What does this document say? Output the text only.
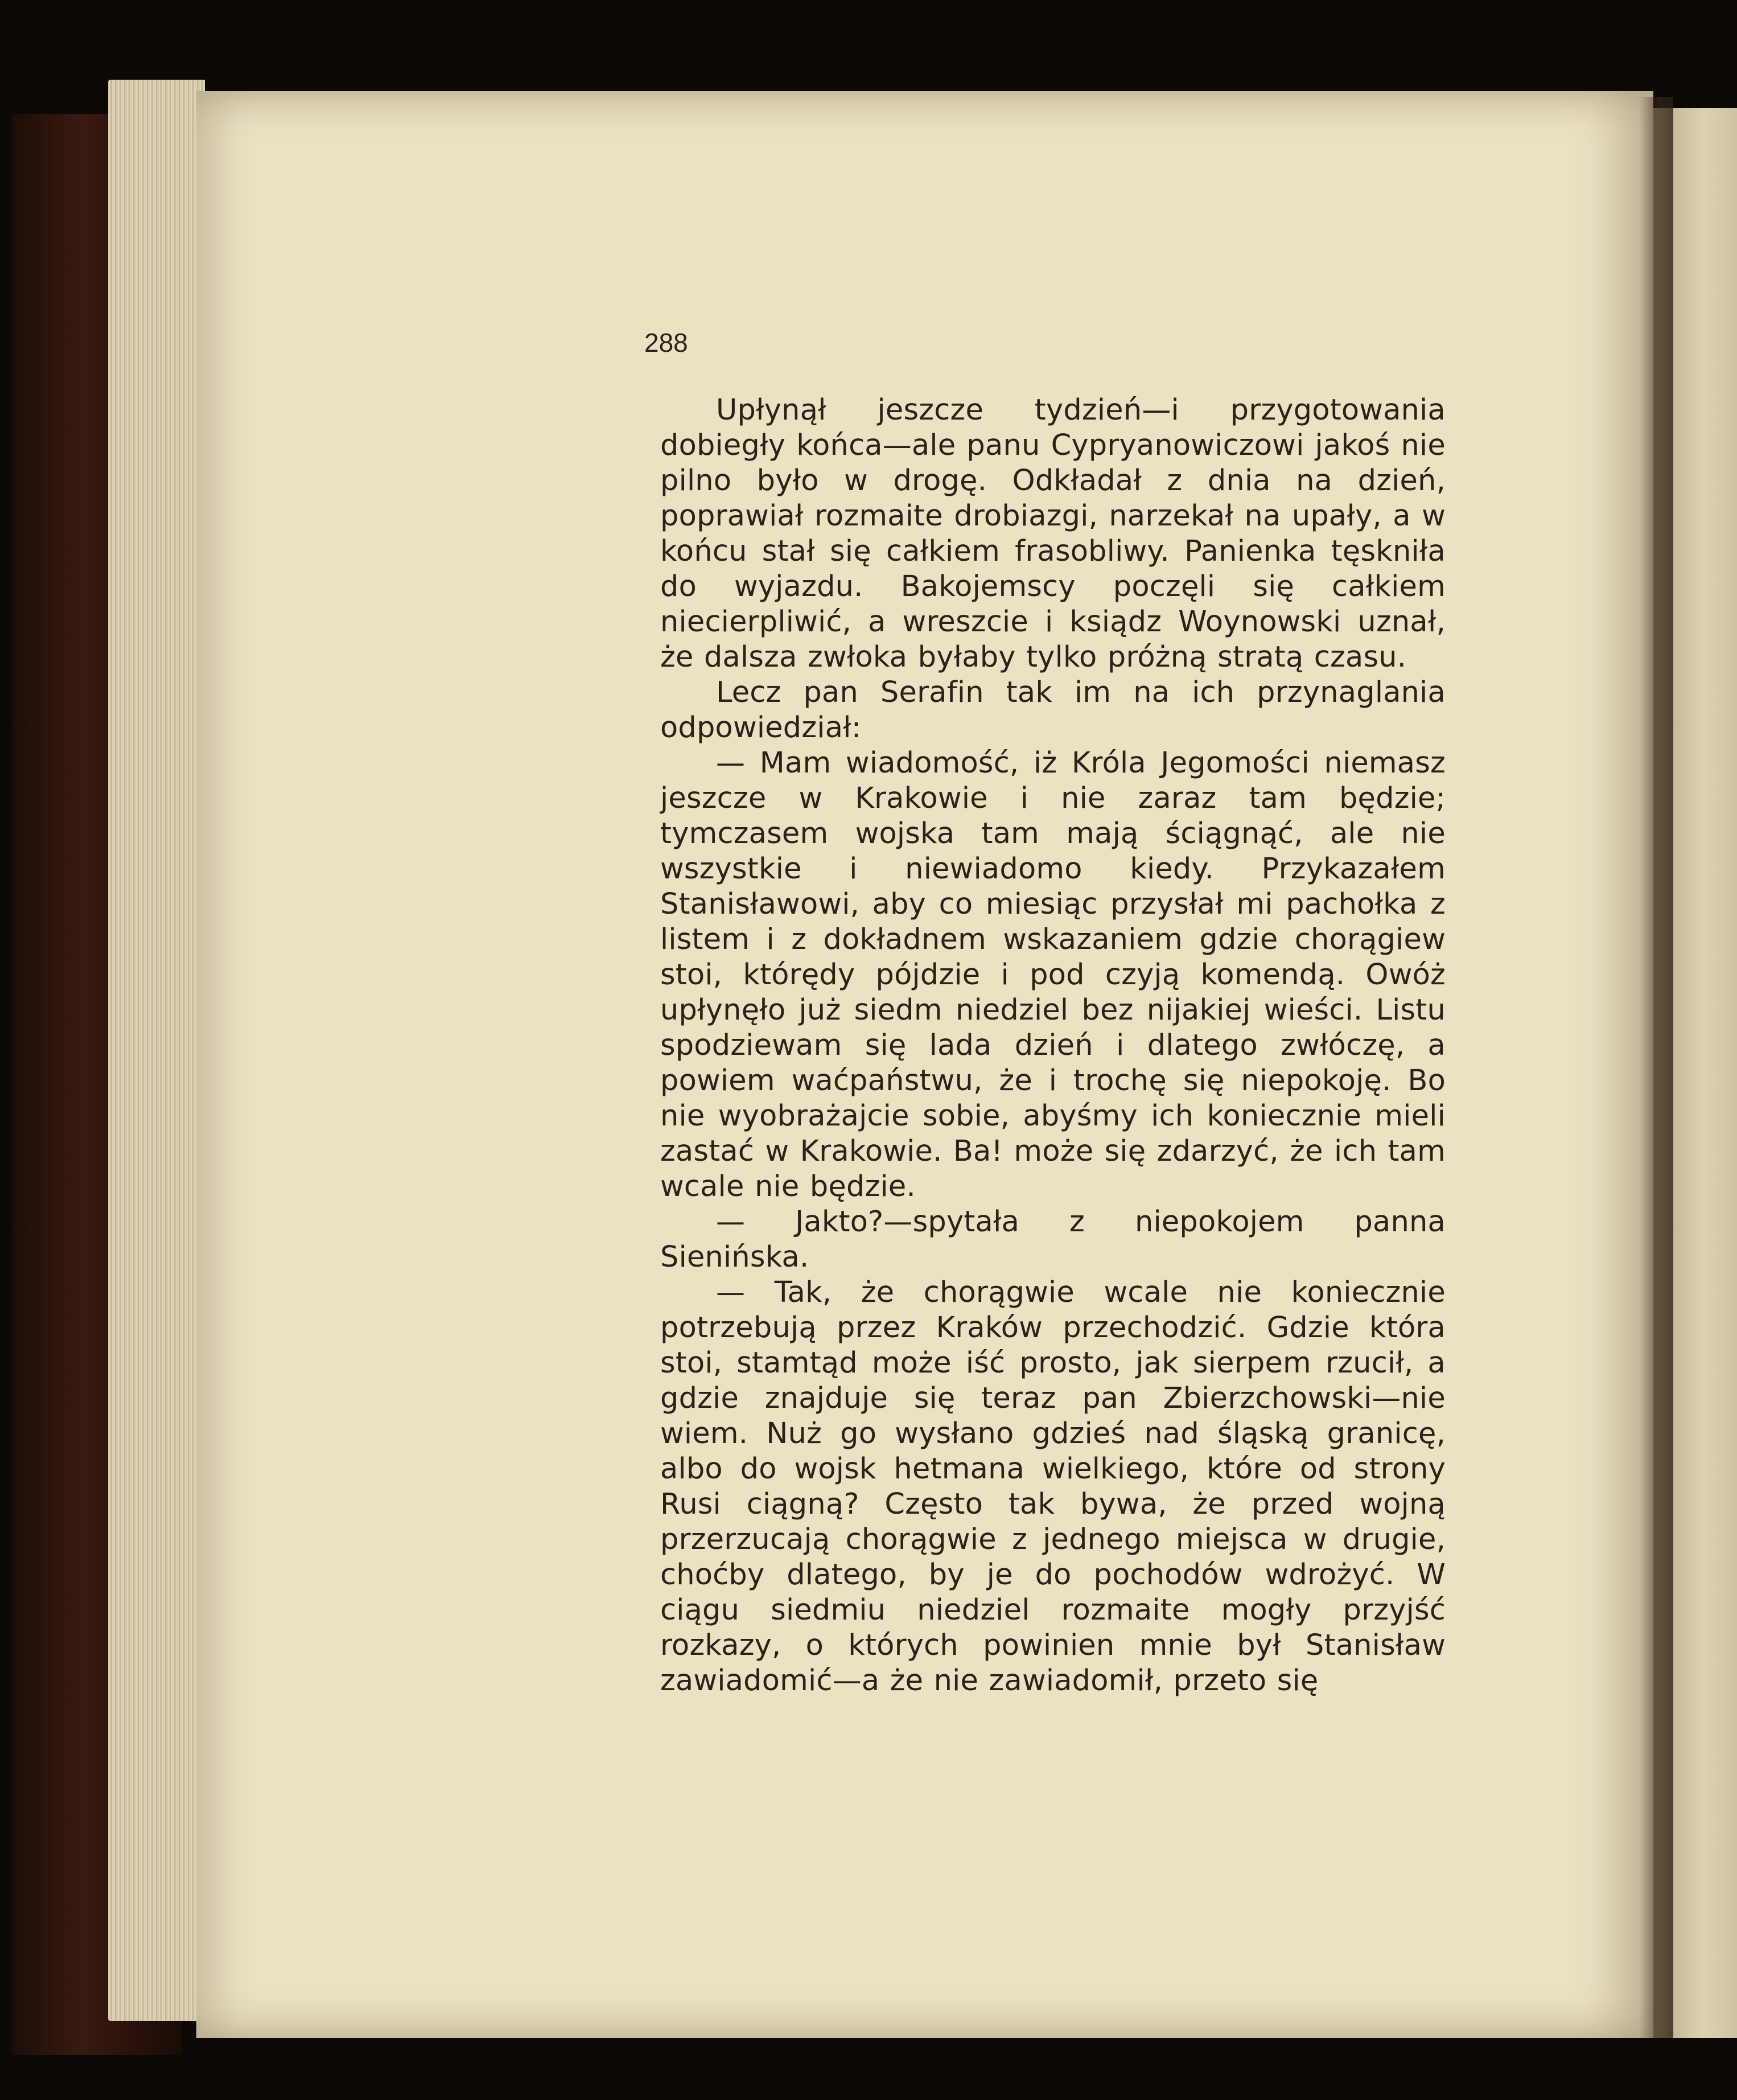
288

Upłynął jeszcze tydzień—i przygotowania dobiegły końca—ale panu Cypryanowiczowi jakoś nie pilno było w drogę. Odkładał z dnia na dzień, poprawiał rozmaite drobiazgi, narzekał na upały, a w końcu stał się całkiem frasobliwy. Panienka tęskniła do wyjazdu. Bakojemscy poczęli się całkiem niecierpliwić, a wreszcie i ksiądz Woynowski uznał, że dalsza zwłoka byłaby tylko próżną stratą czasu.

Lecz pan Serafin tak im na ich przynaglania odpowiedział:

— Mam wiadomość, iż Króla Jegomości niemasz jeszcze w Krakowie i nie zaraz tam będzie; tymczasem wojska tam mają ściągnąć, ale nie wszystkie i niewiadomo kiedy. Przykazałem Stanisławowi, aby co miesiąc przysłał mi pachołka z listem i z dokładnem wskazaniem gdzie chorągiew stoi, którędy pójdzie i pod czyją komendą. Owóż upłynęło już siedm niedziel bez nijakiej wieści. Listu spodziewam się lada dzień i dlatego zwłóczę, a powiem waćpaństwu, że i trochę się niepokoję. Bo nie wyobrażajcie sobie, abyśmy ich koniecznie mieli zastać w Krakowie. Ba! może się zdarzyć, że ich tam wcale nie będzie.

— Jakto?—spytała z niepokojem panna Sienińska.

— Tak, że chorągwie wcale nie koniecznie potrzebują przez Kraków przechodzić. Gdzie która stoi, stamtąd może iść prosto, jak sierpem rzucił, a gdzie znajduje się teraz pan Zbierzchowski—nie wiem. Nuż go wysłano gdzieś nad śląską granicę, albo do wojsk hetmana wielkiego, które od strony Rusi ciągną? Często tak bywa, że przed wojną przerzucają chorągwie z jednego miejsca w drugie, choćby dlatego, by je do pochodów wdrożyć. W ciągu siedmiu niedziel rozmaite mogły przyjść rozkazy, o których powinien mnie był Stanisław zawiadomić—a że nie zawiadomił, przeto się
